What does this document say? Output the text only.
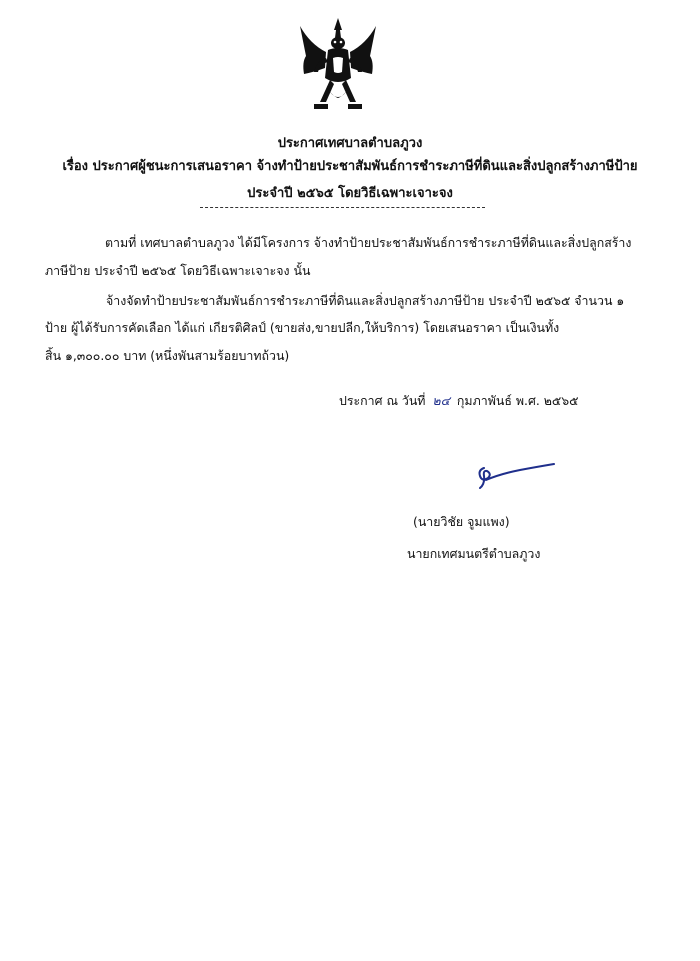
ประกาศเทศบาลตำบลภูวง
เรื่อง ประกาศผู้ชนะการเสนอราคา จ้างทำป้ายประชาสัมพันธ์การชำระภาษีที่ดินและสิ่งปลูกสร้างภาษีป้าย
ประจำปี ๒๕๖๕ โดยวิธีเฉพาะเจาะจง
ตามที่ เทศบาลตำบลภูวง ได้มีโครงการ จ้างทำป้ายประชาสัมพันธ์การชำระภาษีที่ดินและสิ่งปลูกสร้าง
ภาษีป้าย ประจำปี ๒๕๖๕ โดยวิธีเฉพาะเจาะจง นั้น
จ้างจัดทำป้ายประชาสัมพันธ์การชำระภาษีที่ดินและสิ่งปลูกสร้างภาษีป้าย ประจำปี ๒๕๖๕ จำนวน ๑
ป้าย ผู้ได้รับการคัดเลือก ได้แก่ เกียรติศิลป์ (ขายส่ง,ขายปลีก,ให้บริการ) โดยเสนอราคา เป็นเงินทั้ง
สิ้น ๑,๓๐๐.๐๐ บาท (หนึ่งพันสามร้อยบาทถ้วน)
ประกาศ ณ วันที่ ๒๔ กุมภาพันธ์ พ.ศ. ๒๕๖๕
(นายวิชัย จูมแพง)
นายกเทศมนตรีตำบลภูวง
